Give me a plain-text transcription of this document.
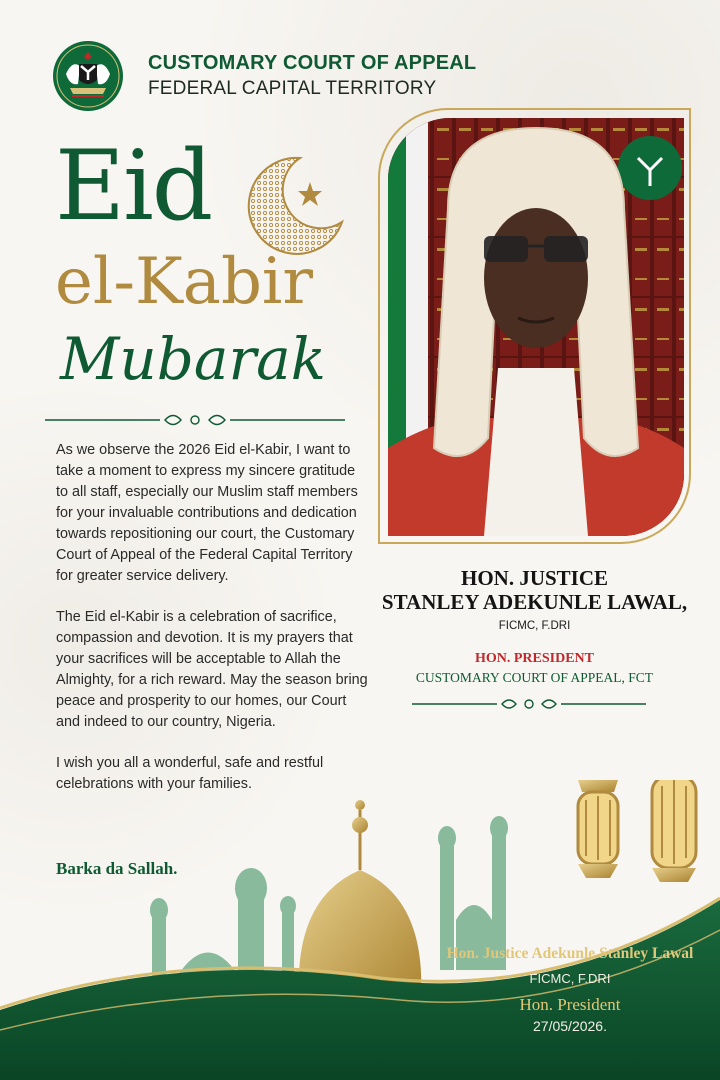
CUSTOMARY COURT OF APPEAL
FEDERAL CAPITAL TERRITORY
Eid
el-Kabir
Mubarak

As we observe the 2026 Eid el-Kabir, I want to take a moment to express my sincere gratitude to all staff, especially our Muslim staff members for your invaluable contributions and dedication towards repositioning our court, the Customary Court of Appeal of the Federal Capital Territory for greater service delivery.

The Eid el-Kabir is a celebration of sacrifice, compassion and devotion. It is my prayers that your sacrifices will be acceptable to Allah the Almighty, for a rich reward. May the season bring peace and prosperity to our homes, our Court and indeed to our country, Nigeria.

I wish you all a wonderful, safe and restful celebrations with your families.

Barka da Sallah.
HON. JUSTICE
STANLEY ADEKUNLE LAWAL,
FICMC, F.DRI
HON. PRESIDENT
CUSTOMARY COURT OF APPEAL, FCT
Hon. Justice Adekunle Stanley Lawal
FICMC, F.DRI
Hon. President
27/05/2026.
